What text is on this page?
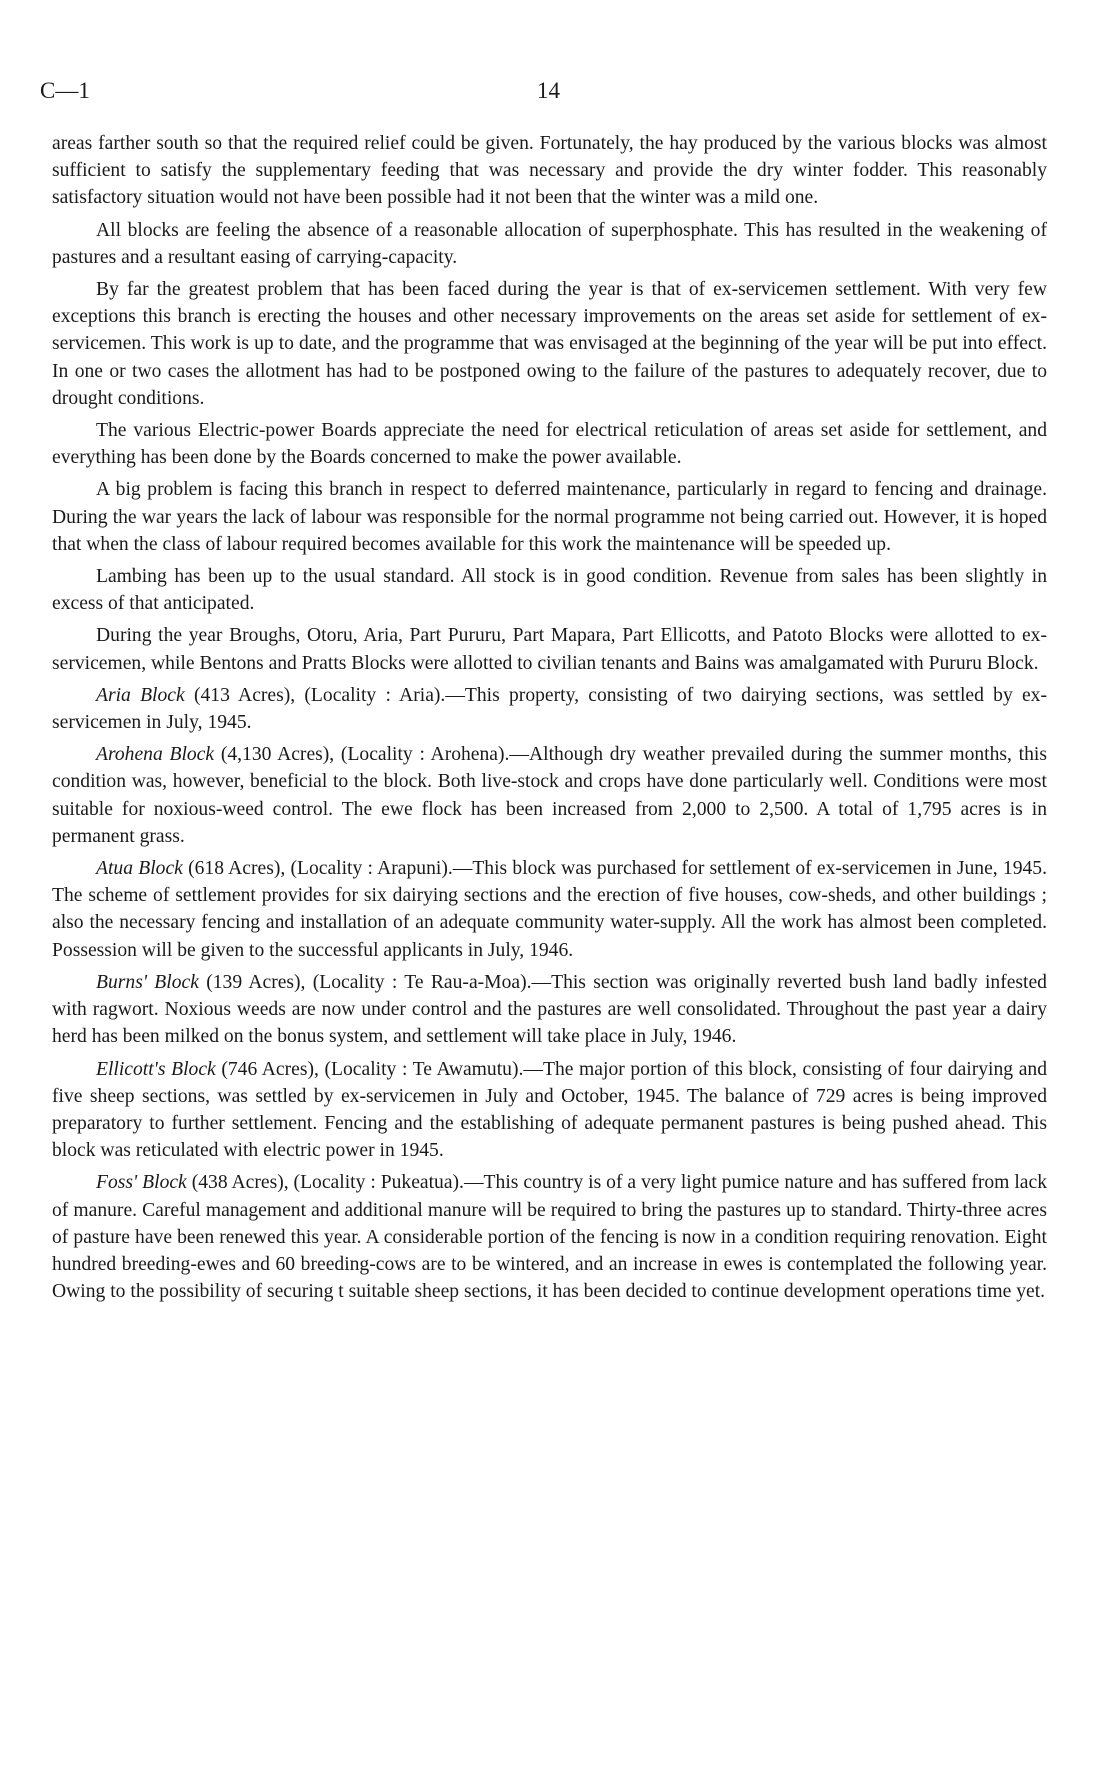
C—1	14

areas farther south so that the required relief could be given. Fortunately, the hay produced by the various blocks was almost sufficient to satisfy the supplementary feeding that was necessary and provide the dry winter fodder. This reasonably satisfactory situation would not have been possible had it not been that the winter was a mild one.

All blocks are feeling the absence of a reasonable allocation of superphosphate. This has resulted in the weakening of pastures and a resultant easing of carrying-capacity.

By far the greatest problem that has been faced during the year is that of ex-servicemen settlement. With very few exceptions this branch is erecting the houses and other necessary improvements on the areas set aside for settlement of ex-servicemen. This work is up to date, and the programme that was envisaged at the beginning of the year will be put into effect. In one or two cases the allotment has had to be postponed owing to the failure of the pastures to adequately recover, due to drought conditions.

The various Electric-power Boards appreciate the need for electrical reticulation of areas set aside for settlement, and everything has been done by the Boards concerned to make the power available.

A big problem is facing this branch in respect to deferred maintenance, particularly in regard to fencing and drainage. During the war years the lack of labour was responsible for the normal programme not being carried out. However, it is hoped that when the class of labour required becomes available for this work the maintenance will be speeded up.

Lambing has been up to the usual standard. All stock is in good condition. Revenue from sales has been slightly in excess of that anticipated.

During the year Broughs, Otoru, Aria, Part Pururu, Part Mapara, Part Ellicotts, and Patoto Blocks were allotted to ex-servicemen, while Bentons and Pratts Blocks were allotted to civilian tenants and Bains was amalgamated with Pururu Block.

Aria Block (413 Acres), (Locality : Aria).—This property, consisting of two dairying sections, was settled by ex-servicemen in July, 1945.

Arohena Block (4,130 Acres), (Locality : Arohena).—Although dry weather prevailed during the summer months, this condition was, however, beneficial to the block. Both live-stock and crops have done particularly well. Conditions were most suitable for noxious-weed control. The ewe flock has been increased from 2,000 to 2,500. A total of 1,795 acres is in permanent grass.

Atua Block (618 Acres), (Locality : Arapuni).—This block was purchased for settlement of ex-servicemen in June, 1945. The scheme of settlement provides for six dairying sections and the erection of five houses, cow-sheds, and other buildings ; also the necessary fencing and installation of an adequate community water-supply. All the work has almost been completed. Possession will be given to the successful applicants in July, 1946.

Burns' Block (139 Acres), (Locality : Te Rau-a-Moa).—This section was originally reverted bush land badly infested with ragwort. Noxious weeds are now under control and the pastures are well consolidated. Throughout the past year a dairy herd has been milked on the bonus system, and settlement will take place in July, 1946.

Ellicott's Block (746 Acres), (Locality : Te Awamutu).—The major portion of this block, consisting of four dairying and five sheep sections, was settled by ex-servicemen in July and October, 1945. The balance of 729 acres is being improved preparatory to further settlement. Fencing and the establishing of adequate permanent pastures is being pushed ahead. This block was reticulated with electric power in 1945.

Foss' Block (438 Acres), (Locality : Pukeatua).—This country is of a very light pumice nature and has suffered from lack of manure. Careful management and additional manure will be required to bring the pastures up to standard. Thirty-three acres of pasture have been renewed this year. A considerable portion of the fencing is now in a condition requiring renovation. Eight hundred breeding-ewes and 60 breeding-cows are to be wintered, and an increase in ewes is contemplated the following year. Owing to the possibility of securing t suitable sheep sections, it has been decided to continue development operations time yet.
